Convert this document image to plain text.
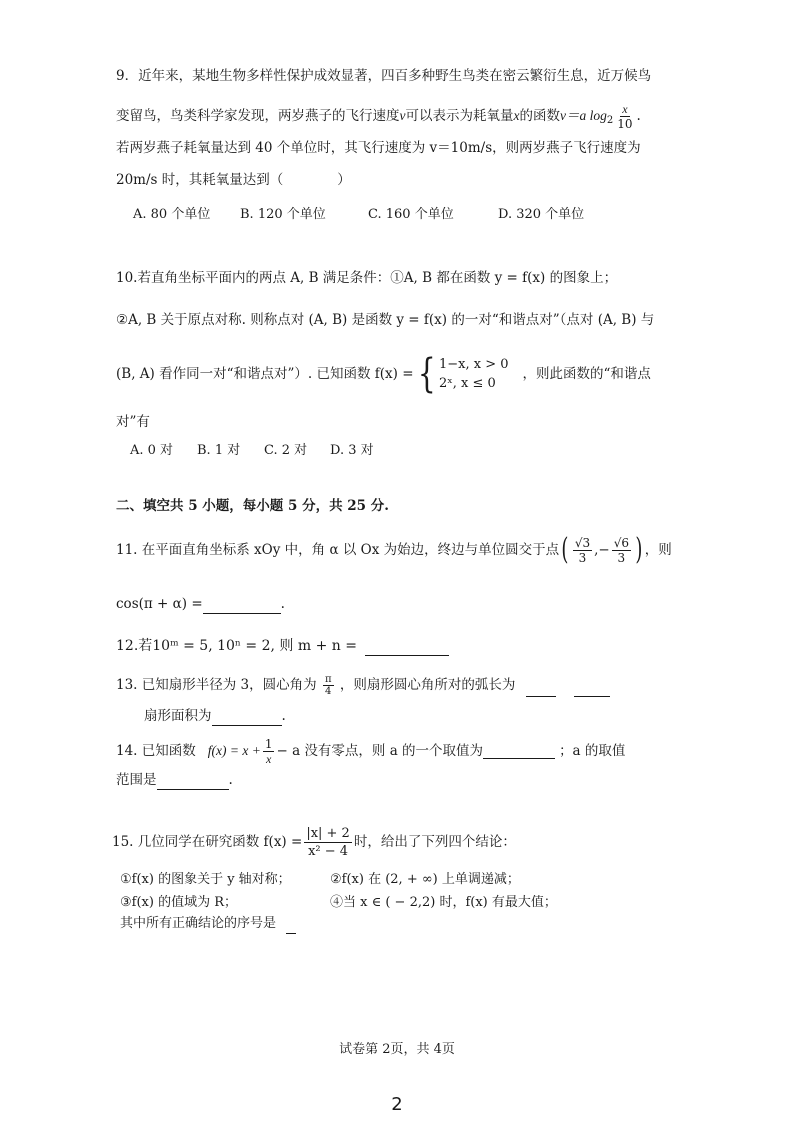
9．近年来，某地生物多样性保护成效显著，四百多种野生鸟类在密云繁衍生息，近万候鸟
变留鸟，鸟类科学家发现，两岁燕子的飞行速度v可以表示为耗氧量x的函数v＝a $\log_2 \frac{x}{10}$ .
若两岁燕子耗氧量达到 40 个单位时，其飞行速度为 v＝10m/s，则两岁燕子飞行速度为
20m/s 时，其耗氧量达到（　　　　）
A. 80 个单位 B. 120 个单位	C. 160 个单位	D. 320 个单位
10.若直角坐标平面内的两点 A, B 满足条件：①A, B 都在函数 y = f(x) 的图象上；
②A, B 关于原点对称. 则称点对 (A, B) 是函数 y = f(x) 的一对“和谐点对”（点对 (A, B) 与
(B, A) 看作同一对“和谐点对”）. 已知函数 f(x) = { 1−x, x > 0
2ˣ, x ≤ 0
，则此函数的“和谐点
对”有
A. 0 对 B. 1 对 C. 2 对 D. 3 对
二、填空共 5 小题，每小题 5 分，共 25 分.
11. 在平面直角坐标系 xOy 中，角 α 以 Ox 为始边，终边与单位圆交于点 ( $\frac{√3}{3}$ ,− $\frac{√6}{3}$ ) ，则
cos(π + α) =	.
12.若10ᵐ = 5, 10ⁿ = 2, 则 m + n =
13. 已知扇形半径为 3，圆心角为 $\frac{\pi}{4}$ ，则扇形圆心角所对的弧长为
扇形面积为	.
14. 已知函数 $f(x) = x + \frac{1}{x} - a$ 没有零点，则 a 的一个取值为	；a 的取值
范围是	.
15. 几位同学在研究函数 $f(x) = \frac{|x| + 2}{\text{x² − 4}}$ 时，给出了下列四个结论：
①f(x) 的图象关于 y 轴对称；	②f(x) 在 (2, + ∞) 上单调递减；
③f(x) 的值域为 R；	④当 x ∈ ( − 2,2) 时，f(x) 有最大值；
其中所有正确结论的序号是
试卷第 2页，共 4页
2
